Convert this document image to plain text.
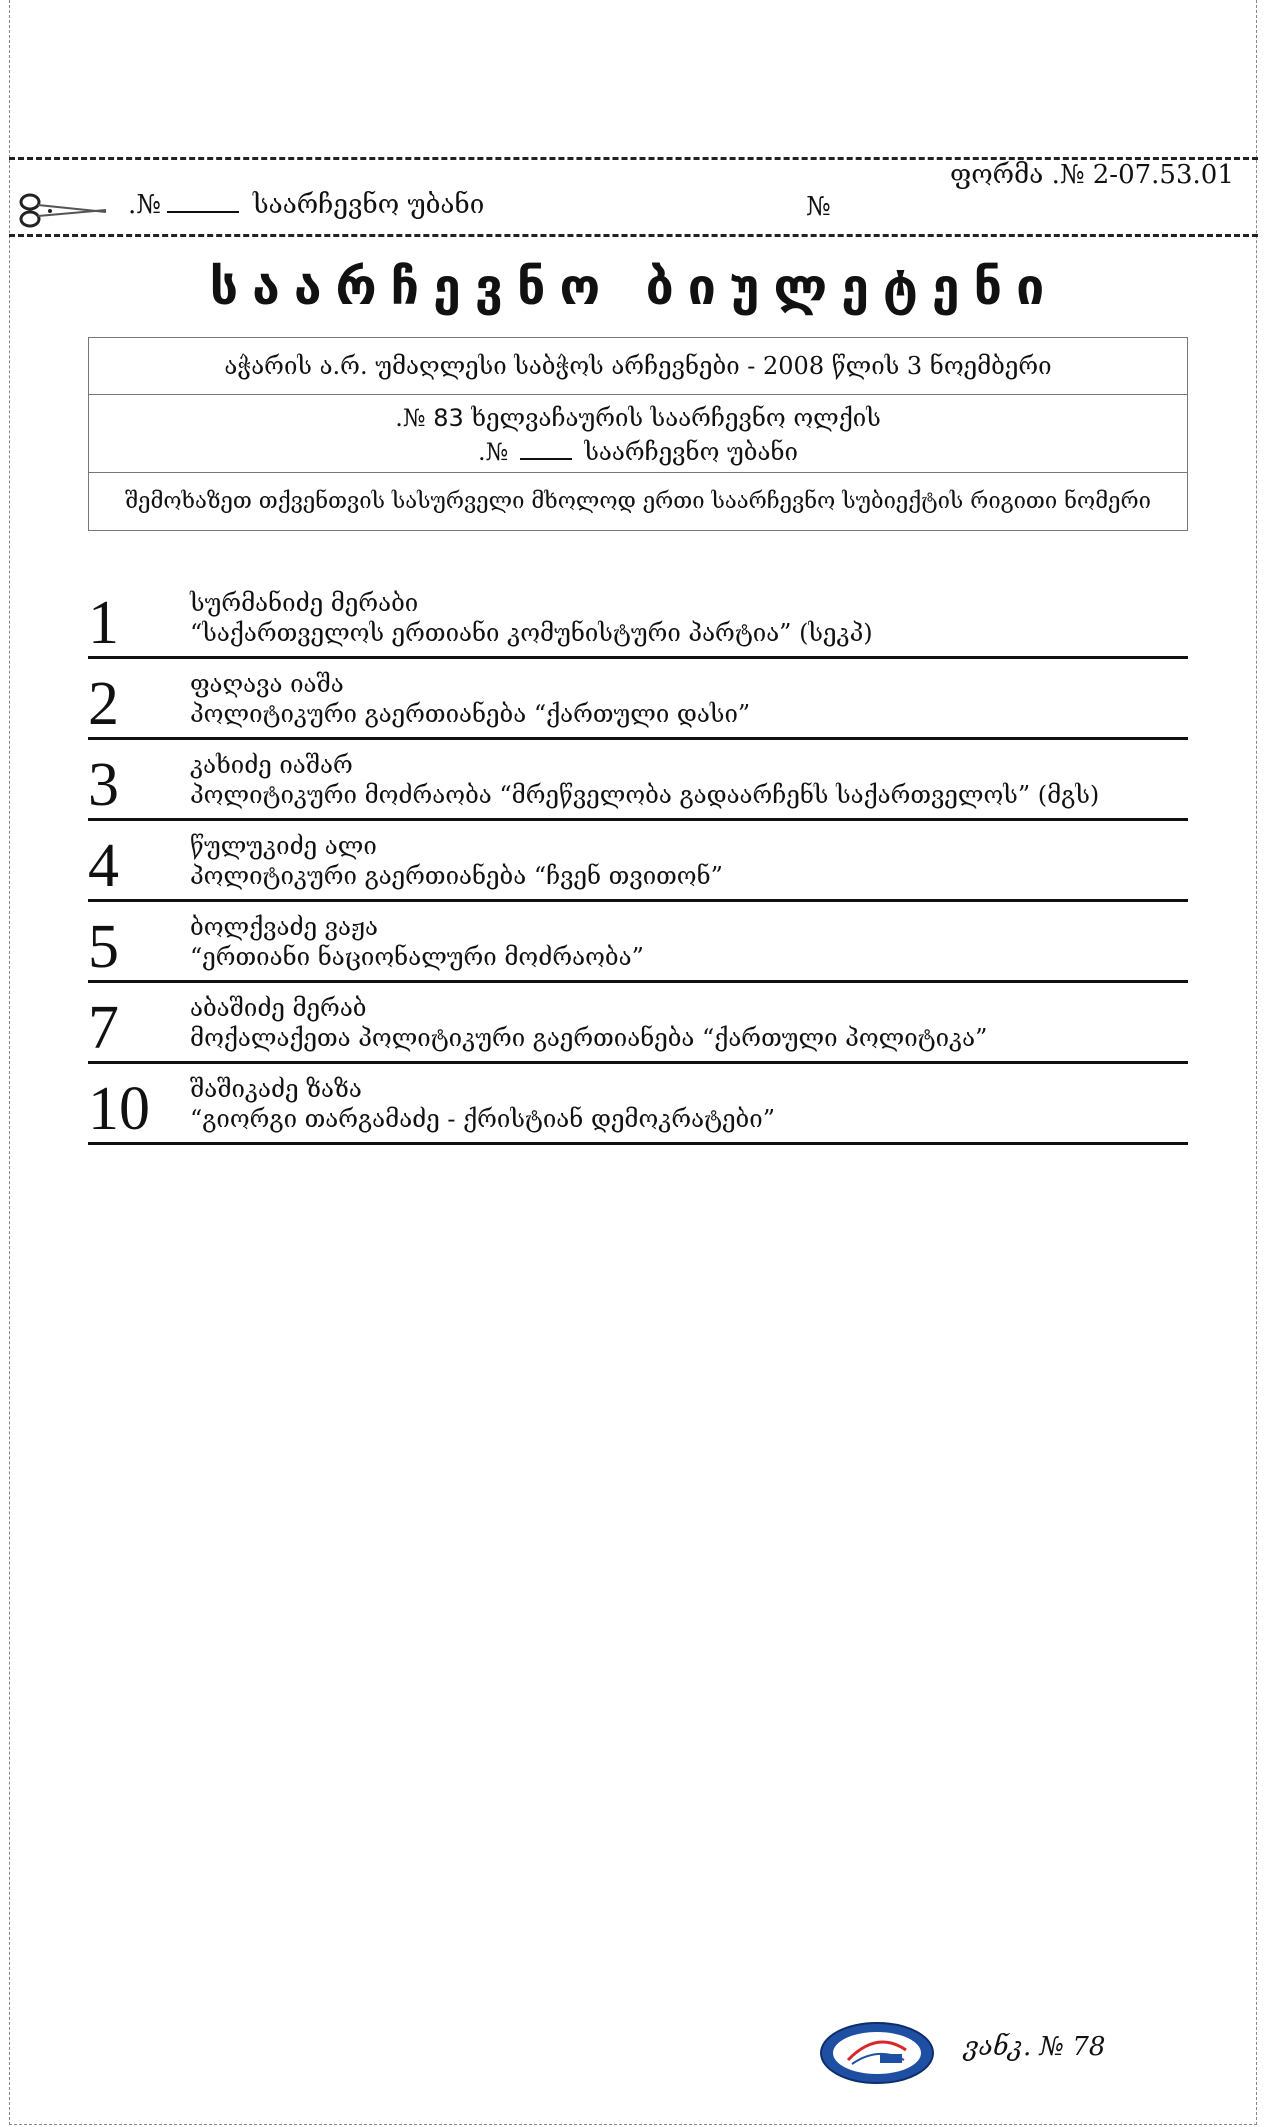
.№	საარჩევნო უბანი	№
ფორმა .№ 2-07.53.01
საარჩევნო ბიულეტენი
აჭარის ა.რ. უმაღლესი საბჭოს არჩევნები - 2008 წლის 3 ნოემბერი
.№ 83 ხელვაჩაურის საარჩევნო ოლქის
.№	საარჩევნო უბანი
შემოხაზეთ თქვენთვის სასურველი მხოლოდ ერთი საარჩევნო სუბიექტის რიგითი ნომერი
1	სურმანიძე მერაბი
“საქართველოს ერთიანი კომუნისტური პარტია” (სეკპ)
2	ფაღავა იაშა
პოლიტიკური გაერთიანება “ქართული დასი”
3	კახიძე იაშარ
პოლიტიკური მოძრაობა “მრეწველობა გადაარჩენს საქართველოს” (მგს)
4	წულუკიძე ალი
პოლიტიკური გაერთიანება “ჩვენ თვითონ”
5	ბოლქვაძე ვაჟა
“ერთიანი ნაციონალური მოძრაობა”
7	აბაშიძე მერაბ
მოქალაქეთა პოლიტიკური გაერთიანება “ქართული პოლიტიკა”
10 შაშიკაძე ზაზა
“გიორგი თარგამაძე - ქრისტიან დემოკრატები”
ვანკ. № 78
